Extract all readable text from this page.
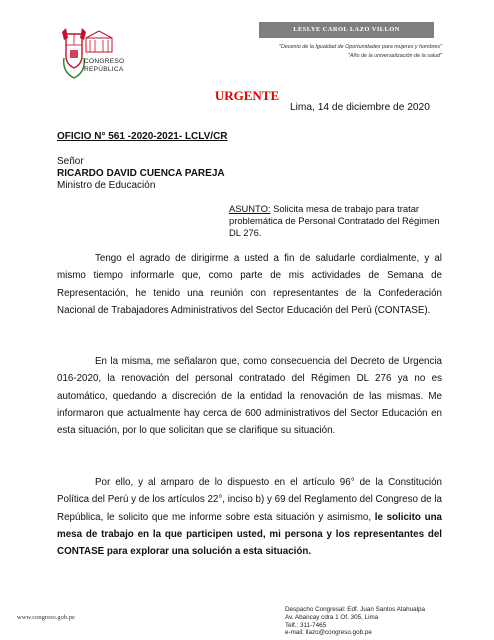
CONGRESO
REPÚBLICA
LESLYE CAROL LAZO VILLON
"Decenio de la Igualdad de Oportunidades para mujeres y hombres"
"Año de la universalización de la salud"
URGENTE
Lima, 14 de diciembre de 2020
OFICIO N° 561 -2020-2021- LCLV/CR
Señor
RICARDO DAVID CUENCA PAREJA
Ministro de Educación
ASUNTO: Solicita mesa de trabajo para tratar problemática de Personal Contratado del Régimen DL 276.
Tengo el agrado de dirigirme a usted a fin de saludarle cordialmente, y al mismo tiempo informarle que, como parte de mis actividades de Semana de Representación, he tenido una reunión con representantes de la Confederación Nacional de Trabajadores Administrativos del Sector Educación del Perú (CONTASE).
En la misma, me señalaron que, como consecuencia del Decreto de Urgencia 016-2020, la renovación del personal contratado del Régimen DL 276 ya no es automático, quedando a discreción de la entidad la renovación de las mismas. Me informaron que actualmente hay cerca de 600 administrativos del Sector Educación en esta situación, por lo que solicitan que se clarifique su situación.
Por ello, y al amparo de lo dispuesto en el artículo 96° de la Constitución Política del Perú y de los artículos 22°, inciso b) y 69 del Reglamento del Congreso de la República, le solicito que me informe sobre esta situación y asimismo, le solicito una mesa de trabajo en la que participen usted, mi persona y los representantes del CONTASE para explorar una solución a esta situación.
www.congreso.gob.pe
Despacho Congresal: Edf. Juan Santos Atahualpa
Av. Abancay cdra 1 Of. 305, Lima
Telf.: 311-7465
e-mail: llazo@congreso.gob.pe
